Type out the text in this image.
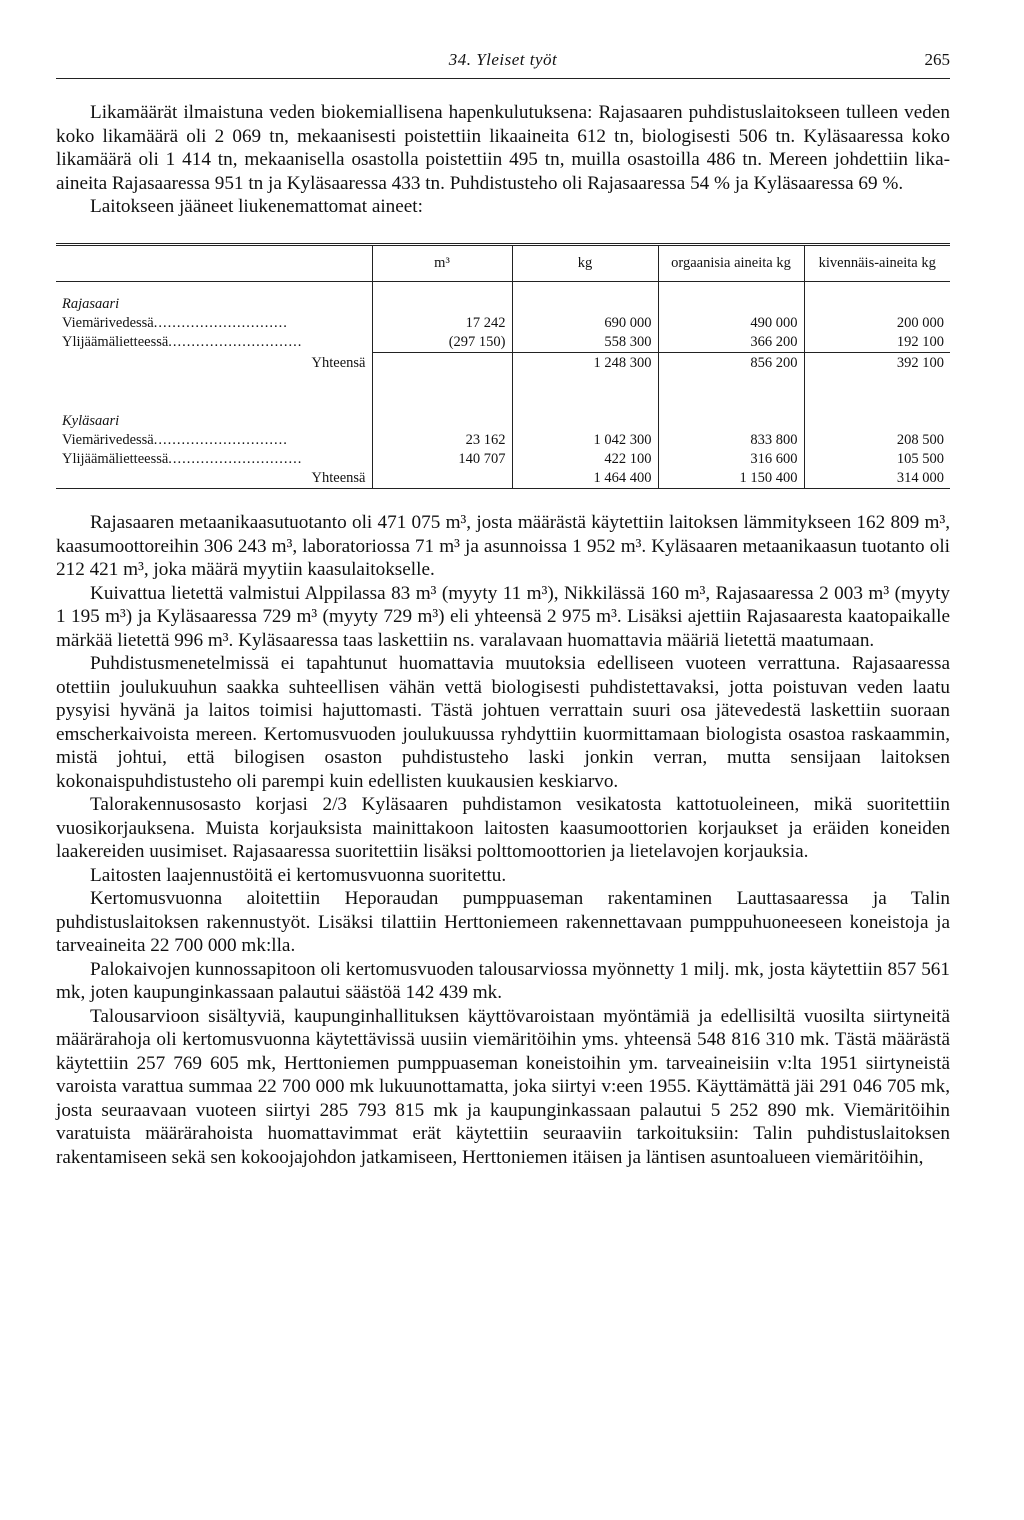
34. Yleiset työt	265

Likamäärät ilmaistuna veden biokemiallisena hapenkulutuksena: Rajasaaren puhdistuslaitokseen tulleen veden koko likamäärä oli 2 069 tn, mekaanisesti poistettiin likaaineita 612 tn, biologisesti 506 tn. Kyläsaaressa koko likamäärä oli 1 414 tn, mekaanisella osastolla poistettiin 495 tn, muilla osastoilla 486 tn. Mereen johdettiin lika-aineita Rajasaaressa 951 tn ja Kyläsaaressa 433 tn. Puhdistusteho oli Rajasaaressa 54 % ja Kyläsaaressa 69 %.

Laitokseen jääneet liukenemattomat aineet:

	m³	kg	orgaanisia aineita kg	kivennäis-aineita kg
Rajasaari				
Viemärivedessä.............................	17 242	690 000	490 000	200 000
Ylijäämälietteessä.............................	(297 150)	558 300	366 200	192 100

Yhteensä		1 248 300	856 200	392 100

Kyläsaari				
Viemärivedessä.............................	23 162	1 042 300	833 800	208 500
Ylijäämälietteessä.............................	140 707	422 100	316 600	105 500
Yhteensä		1 464 400	1 150 400	314 000

Rajasaaren metaanikaasutuotanto oli 471 075 m³, josta määrästä käytettiin laitoksen lämmitykseen 162 809 m³, kaasumoottoreihin 306 243 m³, laboratoriossa 71 m³ ja asunnoissa 1 952 m³. Kyläsaaren metaanikaasun tuotanto oli 212 421 m³, joka määrä myytiin kaasulaitokselle.

Kuivattua lietettä valmistui Alppilassa 83 m³ (myyty 11 m³), Nikkilässä 160 m³, Rajasaaressa 2 003 m³ (myyty 1 195 m³) ja Kyläsaaressa 729 m³ (myyty 729 m³) eli yhteensä 2 975 m³. Lisäksi ajettiin Rajasaaresta kaatopaikalle märkää lietettä 996 m³. Kyläsaaressa taas laskettiin ns. varalavaan huomattavia määriä lietettä maatumaan.

Puhdistusmenetelmissä ei tapahtunut huomattavia muutoksia edelliseen vuoteen verrattuna. Rajasaaressa otettiin joulukuuhun saakka suhteellisen vähän vettä biologisesti puhdistettavaksi, jotta poistuvan veden laatu pysyisi hyvänä ja laitos toimisi hajuttomasti. Tästä johtuen verrattain suuri osa jätevedestä laskettiin suoraan emscherkaivoista mereen. Kertomusvuoden joulukuussa ryhdyttiin kuormittamaan biologista osastoa raskaammin, mistä johtui, että bilogisen osaston puhdistusteho laski jonkin verran, mutta sensijaan laitoksen kokonaispuhdistusteho oli parempi kuin edellisten kuukausien keskiarvo.

Talorakennusosasto korjasi 2/3 Kyläsaaren puhdistamon vesikatosta kattotuoleineen, mikä suoritettiin vuosikorjauksena. Muista korjauksista mainittakoon laitosten kaasumoottorien korjaukset ja eräiden koneiden laakereiden uusimiset. Rajasaaressa suoritettiin lisäksi polttomoottorien ja lietelavojen korjauksia.

Laitosten laajennustöitä ei kertomusvuonna suoritettu.

Kertomusvuonna aloitettiin Heporaudan pumppuaseman rakentaminen Lauttasaaressa ja Talin puhdistuslaitoksen rakennustyöt. Lisäksi tilattiin Herttoniemeen rakennettavaan pumppuhuoneeseen koneistoja ja tarveaineita 22 700 000 mk:lla.

Palokaivojen kunnossapitoon oli kertomusvuoden talousarviossa myönnetty 1 milj. mk, josta käytettiin 857 561 mk, joten kaupunginkassaan palautui säästöä 142 439 mk.

Talousarvioon sisältyviä, kaupunginhallituksen käyttövaroistaan myöntämiä ja edellisiltä vuosilta siirtyneitä määrärahoja oli kertomusvuonna käytettävissä uusiin viemäritöihin yms. yhteensä 548 816 310 mk. Tästä määrästä käytettiin 257 769 605 mk, Herttoniemen pumppuaseman koneistoihin ym. tarveaineisiin v:lta 1951 siirtyneistä varoista varattua summaa 22 700 000 mk lukuunottamatta, joka siirtyi v:een 1955. Käyttämättä jäi 291 046 705 mk, josta seuraavaan vuoteen siirtyi 285 793 815 mk ja kaupunginkassaan palautui 5 252 890 mk. Viemäritöihin varatuista määrärahoista huomattavimmat erät käytettiin seuraaviin tarkoituksiin: Talin puhdistuslaitoksen rakentamiseen sekä sen kokoojajohdon jatkamiseen, Herttoniemen itäisen ja läntisen asuntoalueen viemäritöihin,
